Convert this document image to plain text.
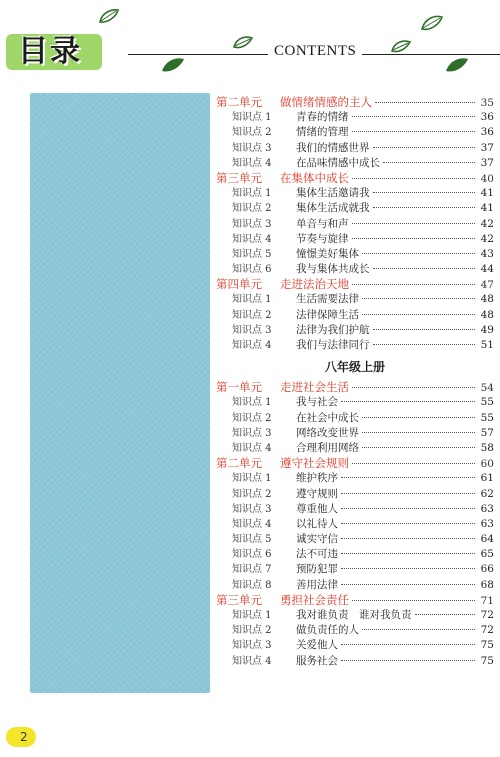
目录	CONTENTS
第二单元	做情绪情感的主人	35
知识点 1	青春的情绪	36
知识点 2	情绪的管理	36
知识点 3	我们的情感世界	37
知识点 4	在品味情感中成长	37
第三单元	在集体中成长	40
知识点 1	集体生活邀请我	41
知识点 2	集体生活成就我	41
知识点 3	单音与和声	42
知识点 4	节奏与旋律	42
知识点 5	憧憬美好集体	43
知识点 6	我与集体共成长	44
第四单元	走进法治天地	47
知识点 1	生活需要法律	48
知识点 2	法律保障生活	48
知识点 3	法律为我们护航	49
知识点 4	我们与法律同行	51
八年级上册
第一单元	走进社会生活	54
知识点 1	我与社会	55
知识点 2	在社会中成长	55
知识点 3	网络改变世界	57
知识点 4	合理利用网络	58
第二单元	遵守社会规则	60
知识点 1	维护秩序	61
知识点 2	遵守规则	62
知识点 3	尊重他人	63
知识点 4	以礼待人	63
知识点 5	诚实守信	64
知识点 6	法不可违	65
知识点 7	预防犯罪	66
知识点 8	善用法律	68
第三单元	勇担社会责任	71
知识点 1	我对谁负责　谁对我负责	72
知识点 2	做负责任的人	72
知识点 3	关爱他人	75
知识点 4	服务社会	75
2
